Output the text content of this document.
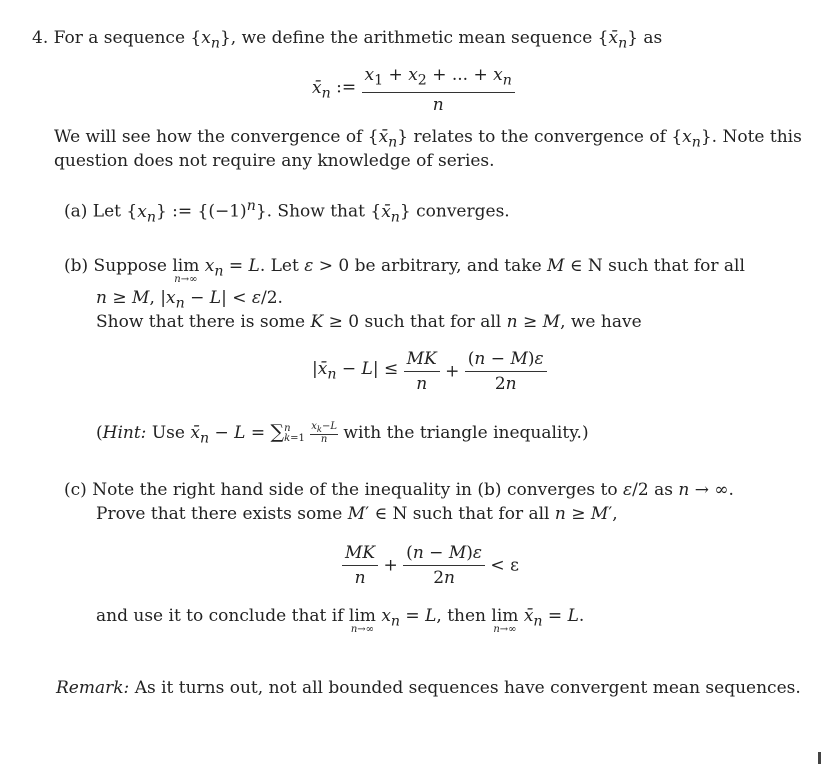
4. For a sequence $\{x_n\}$, we define the arithmetic mean sequence $\{x̄_n\}$ as
$x̄_n$ := $\frac{x_1 + x_2 + ... + x_n}{n}$
We will see how the convergence of $\{x̄_n\}$ relates to the convergence of $\{x_n\}$. Note this
question does not require any knowledge of series.
(a) Let $\{x_n\}$ := $\{(-1)^n\}$. Show that $\{x̄_n\}$ converges.
(b) Suppose lim
n→∞
$x_n = L$. Let ε > 0 be arbitrary, and take M ∈ N such that for all
n ≥ M, $|x_n - L| < \varepsilon/2$.
Show that there is some K ≥ 0 such that for all n ≥ M, we have
$|x̄_n - L| \le \frac{MK}{n} + \frac{(n - M)\varepsilon}{2n}$
(Hint: Use $x̄_n - L$ = ∑ n
k=1
$\frac{x_k-L}{n}$ with the triangle inequality.)
(c) Note the right hand side of the inequality in (b) converges to ε/2 as n → ∞.
Prove that there exists some M′ ∈ N such that for all n ≥ M′,
$\frac{MK}{n} + \frac{(n - M)\varepsilon}{2n} < \varepsilon$
and use it to conclude that if lim
n→∞
$x_n = L$, then lim
n→∞
$x̄_n = L$.
Remark: As it turns out, not all bounded sequences have convergent mean sequences.
